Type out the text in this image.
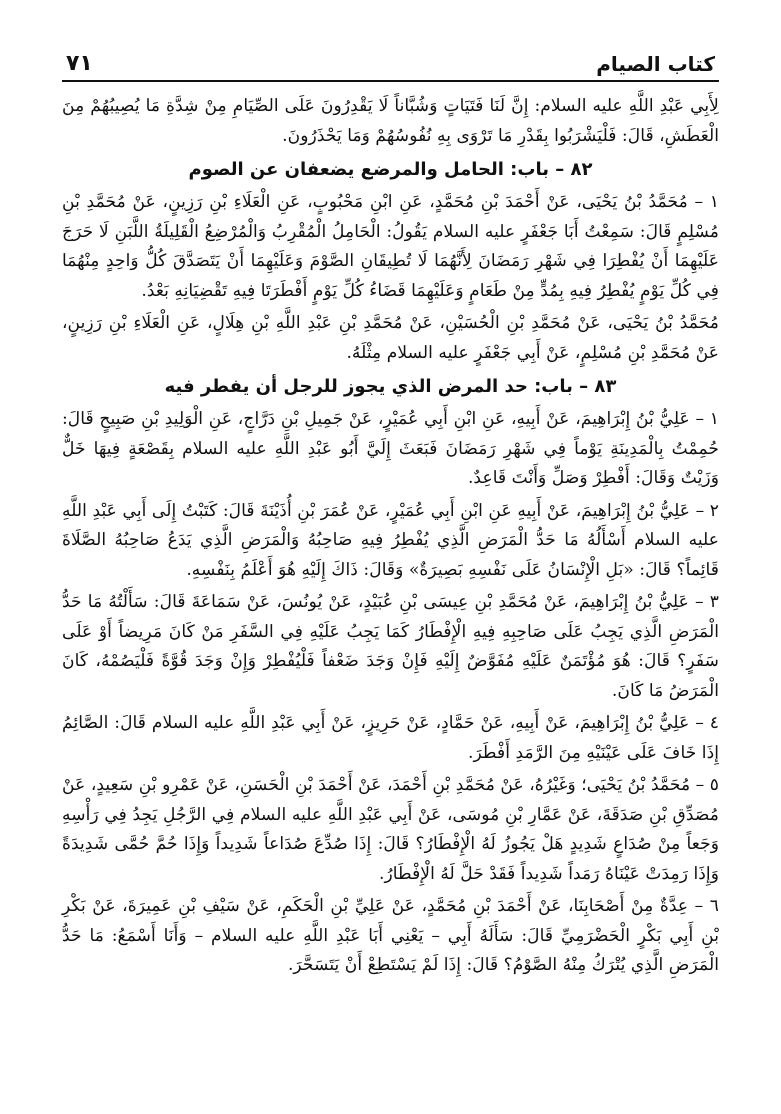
كتاب الصيام
٧١

لِأَبِي عَبْدِ اللَّهِ عليه السلام: إِنَّ لَنَا فَتَيَاتٍ وَشُبَّاناً لَا يَقْدِرُونَ عَلَى الصِّيَامِ مِنْ شِدَّةِ مَا يُصِيبُهُمْ مِنَ الْعَطَشِ، قَالَ: فَلْيَشْرَبُوا بِقَدْرِ مَا تَرْوَى بِهِ نُفُوسُهُمْ وَمَا يَحْذَرُونَ.

٨٢ – باب: الحامل والمرضع يضعفان عن الصوم

١ – مُحَمَّدُ بْنُ يَحْيَى، عَنْ أَحْمَدَ بْنِ مُحَمَّدٍ، عَنِ ابْنِ مَحْبُوبٍ، عَنِ الْعَلَاءِ بْنِ رَزِينٍ، عَنْ مُحَمَّدِ بْنِ مُسْلِمٍ قَالَ: سَمِعْتُ أَبَا جَعْفَرٍ عليه السلام يَقُولُ: الْحَامِلُ الْمُقْرِبُ وَالْمُرْضِعُ الْقَلِيلَةُ اللَّبَنِ لَا حَرَجَ عَلَيْهِمَا أَنْ يُفْطِرَا فِي شَهْرِ رَمَضَانَ لِأَنَّهُمَا لَا تُطِيقَانِ الصَّوْمَ وَعَلَيْهِمَا أَنْ يَتَصَدَّقَ كُلُّ وَاحِدٍ مِنْهُمَا فِي كُلِّ يَوْمٍ يُفْطِرُ فِيهِ بِمُدٍّ مِنْ طَعَامٍ وَعَلَيْهِمَا قَضَاءُ كُلِّ يَوْمٍ أَفْطَرَتَا فِيهِ تَقْضِيَانِهِ بَعْدُ.

مُحَمَّدُ بْنُ يَحْيَى، عَنْ مُحَمَّدِ بْنِ الْحُسَيْنِ، عَنْ مُحَمَّدِ بْنِ عَبْدِ اللَّهِ بْنِ هِلَالٍ، عَنِ الْعَلَاءِ بْنِ رَزِينٍ، عَنْ مُحَمَّدِ بْنِ مُسْلِمٍ، عَنْ أَبِي جَعْفَرٍ عليه السلام مِثْلَهُ.

٨٣ – باب: حد المرض الذي يجوز للرجل أن يفطر فيه

١ – عَلِيُّ بْنُ إِبْرَاهِيمَ، عَنْ أَبِيهِ، عَنِ ابْنِ أَبِي عُمَيْرٍ، عَنْ جَمِيلِ بْنِ دَرَّاجٍ، عَنِ الْوَلِيدِ بْنِ صَبِيحٍ قَالَ: حُمِمْتُ بِالْمَدِينَةِ يَوْماً فِي شَهْرِ رَمَضَانَ فَبَعَثَ إِلَيَّ أَبُو عَبْدِ اللَّهِ عليه السلام بِقَصْعَةٍ فِيهَا خَلٌّ وَزَيْتٌ وَقَالَ: أَفْطِرْ وَصَلِّ وَأَنْتَ قَاعِدٌ.

٢ – عَلِيُّ بْنُ إِبْرَاهِيمَ، عَنْ أَبِيهِ عَنِ ابْنِ أَبِي عُمَيْرٍ، عَنْ عُمَرَ بْنِ أُذَيْنَةَ قَالَ: كَتَبْتُ إِلَى أَبِي عَبْدِ اللَّهِ عليه السلام أَسْأَلُهُ مَا حَدُّ الْمَرَضِ الَّذِي يُفْطِرُ فِيهِ صَاحِبُهُ وَالْمَرَضِ الَّذِي يَدَعُ صَاحِبُهُ الصَّلَاةَ قَائِماً؟ قَالَ: «بَلِ الْإِنْسَانُ عَلَى نَفْسِهِ بَصِيرَةٌ» وَقَالَ: ذَاكَ إِلَيْهِ هُوَ أَعْلَمُ بِنَفْسِهِ.

٣ – عَلِيُّ بْنُ إِبْرَاهِيمَ، عَنْ مُحَمَّدِ بْنِ عِيسَى بْنِ عُبَيْدٍ، عَنْ يُونُسَ، عَنْ سَمَاعَةَ قَالَ: سَأَلْتُهُ مَا حَدُّ الْمَرَضِ الَّذِي يَجِبُ عَلَى صَاحِبِهِ فِيهِ الْإِفْطَارُ كَمَا يَجِبُ عَلَيْهِ فِي السَّفَرِ مَنْ كَانَ مَرِيضاً أَوْ عَلَى سَفَرٍ؟ قَالَ: هُوَ مُؤْتَمَنٌ عَلَيْهِ مُفَوَّضٌ إِلَيْهِ فَإِنْ وَجَدَ ضَعْفاً فَلْيُفْطِرْ وَإِنْ وَجَدَ قُوَّةً فَلْيَصُمْهُ، كَانَ الْمَرَضُ مَا كَانَ.

٤ – عَلِيُّ بْنُ إِبْرَاهِيمَ، عَنْ أَبِيهِ، عَنْ حَمَّادٍ، عَنْ حَرِيزٍ، عَنْ أَبِي عَبْدِ اللَّهِ عليه السلام قَالَ: الصَّائِمُ إِذَا خَافَ عَلَى عَيْنَيْهِ مِنَ الرَّمَدِ أَفْطَرَ.

٥ – مُحَمَّدُ بْنُ يَحْيَى؛ وَغَيْرُهُ، عَنْ مُحَمَّدِ بْنِ أَحْمَدَ، عَنْ أَحْمَدَ بْنِ الْحَسَنِ، عَنْ عَمْرِو بْنِ سَعِيدٍ، عَنْ مُصَدِّقِ بْنِ صَدَقَةَ، عَنْ عَمَّارِ بْنِ مُوسَى، عَنْ أَبِي عَبْدِ اللَّهِ عليه السلام فِي الرَّجُلِ يَجِدُ فِي رَأْسِهِ وَجَعاً مِنْ صُدَاعٍ شَدِيدٍ هَلْ يَجُوزُ لَهُ الْإِفْطَارُ؟ قَالَ: إِذَا صُدِّعَ صُدَاعاً شَدِيداً وَإِذَا حُمَّ حُمَّى شَدِيدَةً وَإِذَا رَمِدَتْ عَيْنَاهُ رَمَداً شَدِيداً فَقَدْ حَلَّ لَهُ الْإِفْطَارُ.

٦ – عِدَّةٌ مِنْ أَصْحَابِنَا، عَنْ أَحْمَدَ بْنِ مُحَمَّدٍ، عَنْ عَلِيِّ بْنِ الْحَكَمِ، عَنْ سَيْفِ بْنِ عَمِيرَةَ، عَنْ بَكْرِ بْنِ أَبِي بَكْرٍ الْحَضْرَمِيِّ قَالَ: سَأَلَهُ أَبِي – يَعْنِي أَبَا عَبْدِ اللَّهِ عليه السلام – وَأَنَا أَسْمَعُ: مَا حَدُّ الْمَرَضِ الَّذِي يُتْرَكُ مِنْهُ الصَّوْمُ؟ قَالَ: إِذَا لَمْ يَسْتَطِعْ أَنْ يَتَسَحَّرَ.
